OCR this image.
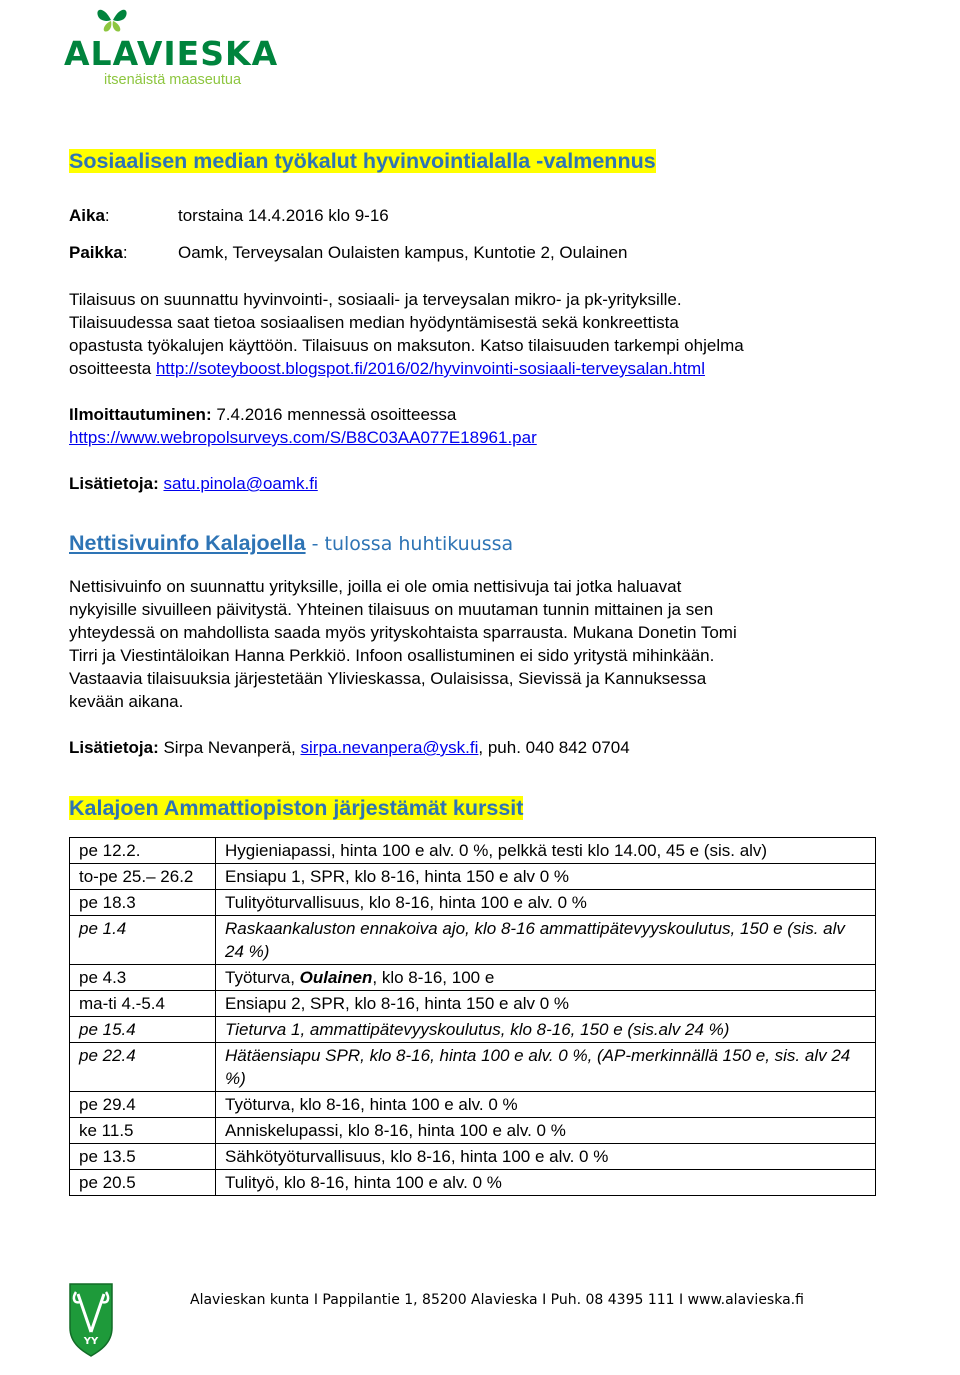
ALAVIESKA
itsenäistä maaseutua
Sosiaalisen median työkalut hyvinvointialalla -valmennus
Aika:	torstaina 14.4.2016 klo 9-16
Paikka:	Oamk, Terveysalan Oulaisten kampus, Kuntotie 2, Oulainen
Tilaisuus on suunnattu hyvinvointi-, sosiaali- ja terveysalan mikro- ja pk-yrityksille.
Tilaisuudessa saat tietoa sosiaalisen median hyödyntämisestä sekä konkreettista
opastusta työkalujen käyttöön. Tilaisuus on maksuton. Katso tilaisuuden tarkempi ohjelma
osoitteesta http://soteyboost.blogspot.fi/2016/02/hyvinvointi-sosiaali-terveysalan.html
Ilmoittautuminen: 7.4.2016 mennessä osoitteessa
https://www.webropolsurveys.com/S/B8C03AA077E18961.par
Lisätietoja: satu.pinola@oamk.fi
Nettisivuinfo Kalajoella - tulossa huhtikuussa
Nettisivuinfo on suunnattu yrityksille, joilla ei ole omia nettisivuja tai jotka haluavat
nykyisille sivuilleen päivitystä. Yhteinen tilaisuus on muutaman tunnin mittainen ja sen
yhteydessä on mahdollista saada myös yrityskohtaista sparrausta. Mukana Donetin Tomi
Tirri ja Viestintäloikan Hanna Perkkiö. Infoon osallistuminen ei sido yritystä mihinkään.
Vastaavia tilaisuuksia järjestetään Ylivieskassa, Oulaisissa, Sievissä ja Kannuksessa
kevään aikana.
Lisätietoja: Sirpa Nevanperä, sirpa.nevanpera@ysk.fi, puh. 040 842 0704
Kalajoen Ammattiopiston järjestämät kurssit
pe 12.2.	Hygieniapassi, hinta 100 e alv. 0 %, pelkkä testi klo 14.00, 45 e (sis. alv)
to-pe 25.– 26.2	Ensiapu 1, SPR, klo 8-16, hinta 150 e alv 0 %
pe 18.3	Tulityöturvallisuus, klo 8-16, hinta 100 e alv. 0 %
pe 1.4	Raskaankaluston ennakoiva ajo, klo 8-16 ammattipätevyyskoulutus, 150 e (sis. alv 24 %)
pe 4.3	Työturva, Oulainen, klo 8-16, 100 e
ma-ti 4.-5.4	Ensiapu 2, SPR, klo 8-16, hinta 150 e alv 0 %
pe 15.4	Tieturva 1, ammattipätevyyskoulutus, klo 8-16, 150 e (sis.alv 24 %)
pe 22.4	Hätäensiapu SPR, klo 8-16, hinta 100 e alv. 0 %, (AP-merkinnällä 150 e, sis. alv 24 %)
pe 29.4	Työturva, klo 8-16, hinta 100 e alv. 0 %
ke 11.5	Anniskelupassi, klo 8-16, hinta 100 e alv. 0 %
pe 13.5	Sähkötyöturvallisuus, klo 8-16, hinta 100 e alv. 0 %
pe 20.5	Tulityö, klo 8-16, hinta 100 e alv. 0 %
YY
Alavieskan kunta I Pappilantie 1, 85200 Alavieska I Puh. 08 4395 111 I www.alavieska.fi
